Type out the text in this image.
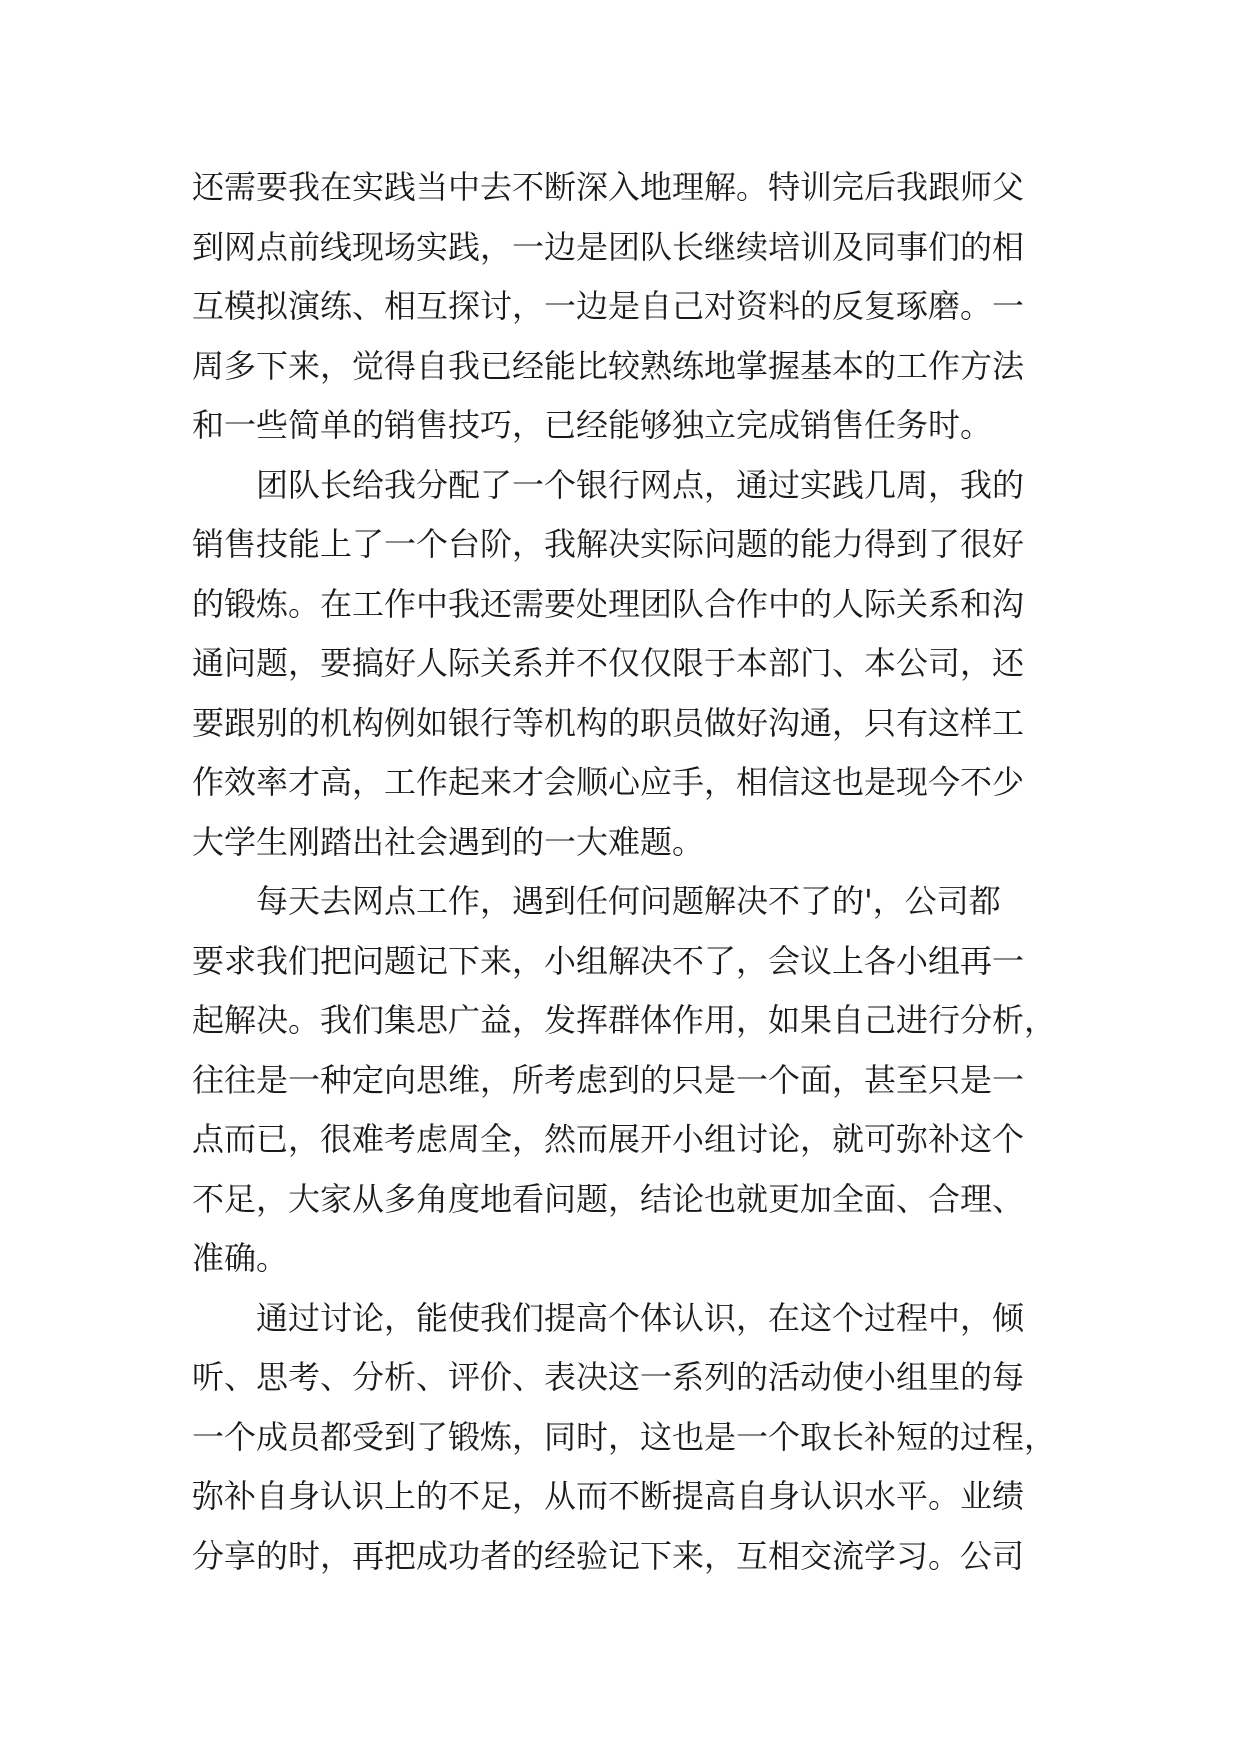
还需要我在实践当中去不断深入地理解。特训完后我跟师父
到网点前线现场实践，一边是团队长继续培训及同事们的相
互模拟演练、相互探讨，一边是自己对资料的反复琢磨。一
周多下来，觉得自我已经能比较熟练地掌握基本的工作方法
和一些简单的销售技巧，已经能够独立完成销售任务时。
团队长给我分配了一个银行网点，通过实践几周，我的
销售技能上了一个台阶，我解决实际问题的能力得到了很好
的锻炼。在工作中我还需要处理团队合作中的人际关系和沟
通问题，要搞好人际关系并不仅仅限于本部门、本公司，还
要跟别的机构例如银行等机构的职员做好沟通，只有这样工
作效率才高，工作起来才会顺心应手，相信这也是现今不少
大学生刚踏出社会遇到的一大难题。
每天去网点工作，遇到任何问题解决不了的'，公司都
要求我们把问题记下来，小组解决不了，会议上各小组再一
起解决。我们集思广益，发挥群体作用，如果自己进行分析，
往往是一种定向思维，所考虑到的只是一个面，甚至只是一
点而已，很难考虑周全，然而展开小组讨论，就可弥补这个
不足，大家从多角度地看问题，结论也就更加全面、合理、
准确。
通过讨论，能使我们提高个体认识，在这个过程中，倾
听、思考、分析、评价、表决这一系列的活动使小组里的每
一个成员都受到了锻炼，同时，这也是一个取长补短的过程，
弥补自身认识上的不足，从而不断提高自身认识水平。业绩
分享的时，再把成功者的经验记下来，互相交流学习。公司
